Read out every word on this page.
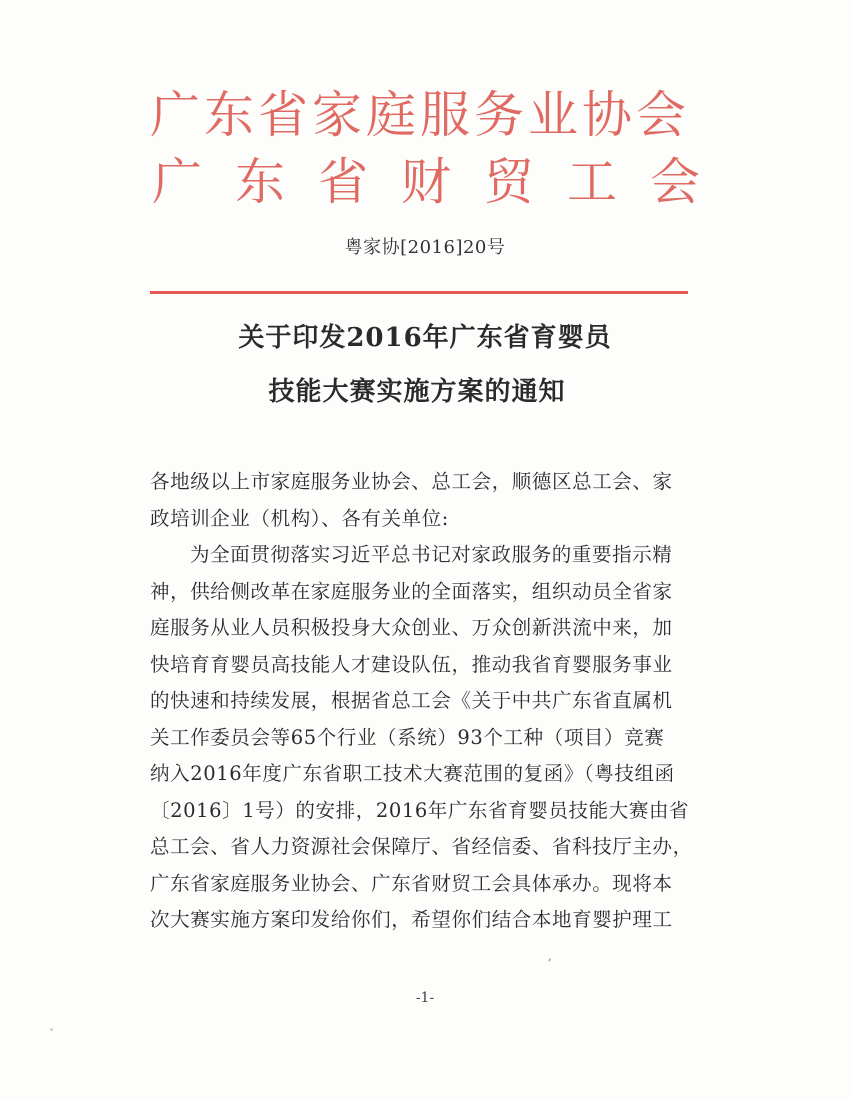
广东省家庭服务业协会
广东省财贸工会
粤家协[2016]20号
关于印发2016年广东省育婴员
技能大赛实施方案的通知
各地级以上市家庭服务业协会、总工会，顺德区总工会、家
政培训企业（机构）、各有关单位:
为全面贯彻落实习近平总书记对家政服务的重要指示精
神，供给侧改革在家庭服务业的全面落实，组织动员全省家
庭服务从业人员积极投身大众创业、万众创新洪流中来，加
快培育育婴员高技能人才建设队伍，推动我省育婴服务事业
的快速和持续发展，根据省总工会《关于中共广东省直属机
关工作委员会等65个行业（系统）93个工种（项目）竞赛
纳入2016年度广东省职工技术大赛范围的复函》（粤技组函
〔2016〕1号）的安排，2016年广东省育婴员技能大赛由省
总工会、省人力资源社会保障厅、省经信委、省科技厅主办，
广东省家庭服务业协会、广东省财贸工会具体承办。现将本
次大赛实施方案印发给你们，希望你们结合本地育婴护理工
,
-1-
